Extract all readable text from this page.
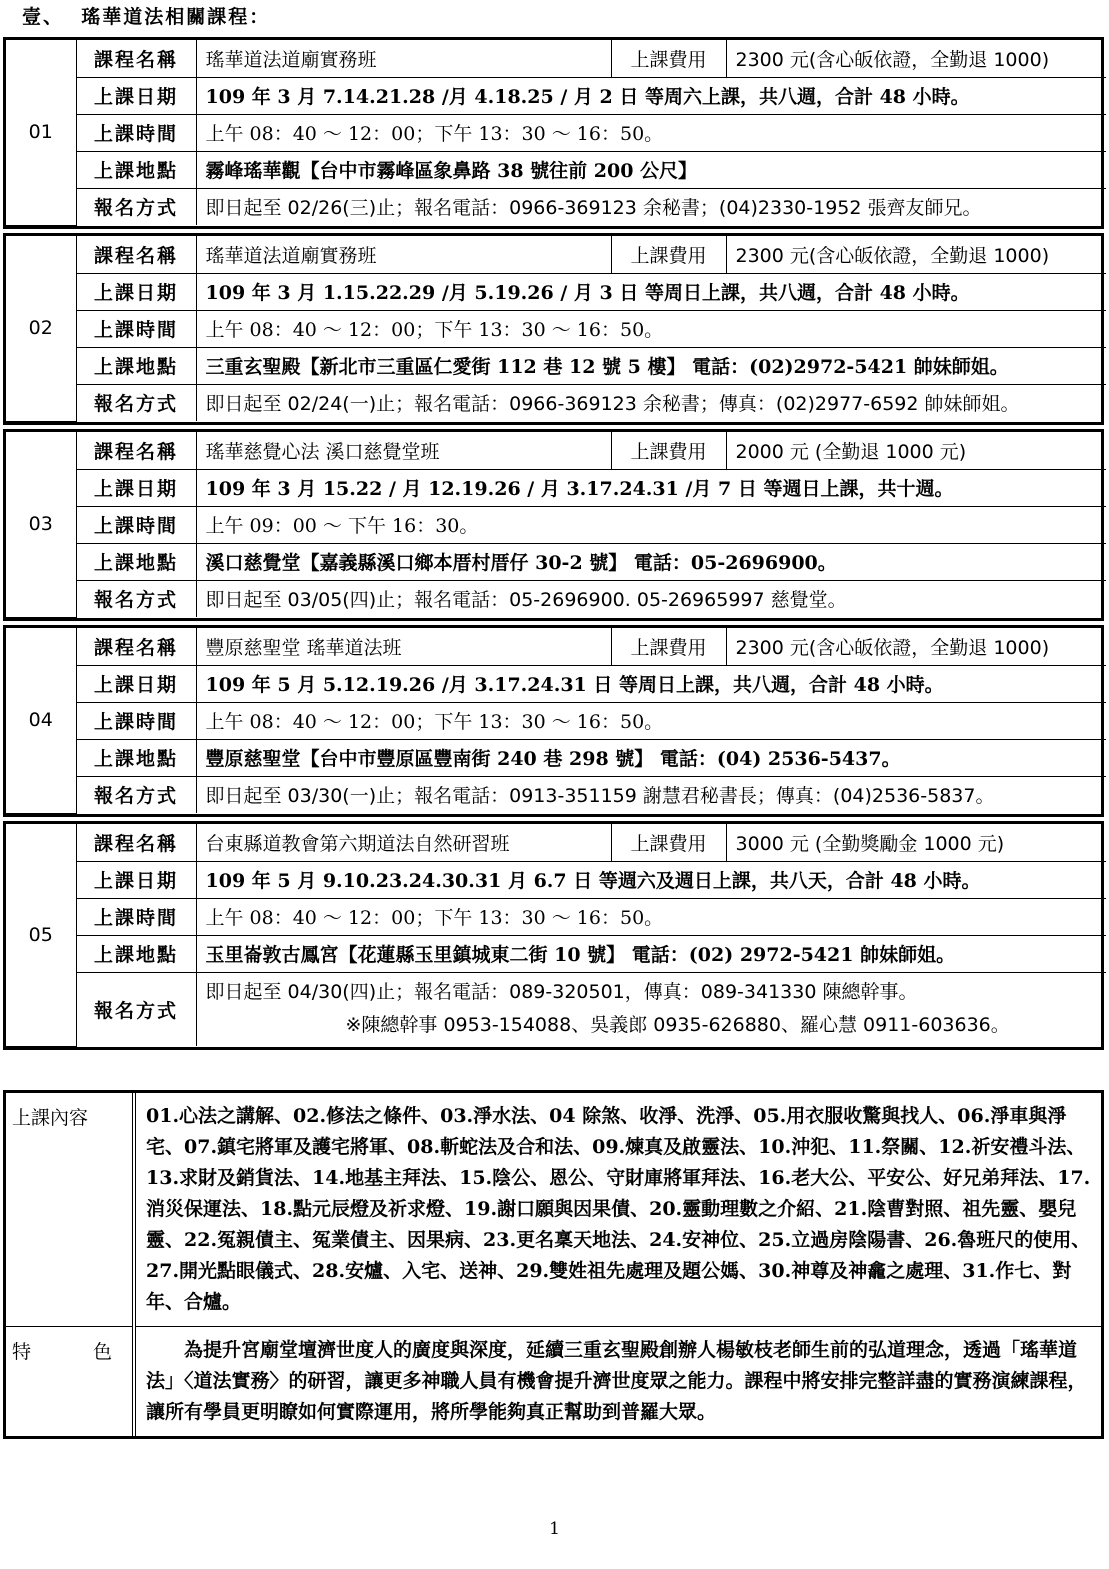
壹、  瑤華道法相關課程：
01	課程名稱	瑤華道法道廟實務班	上課費用	2300 元(含心皈依證，全勤退 1000)
	上課日期	109 年 3 月 7.14.21.28 /月 4.18.25 / 月 2 日 等周六上課，共八週，合計 48 小時。		
	上課時間	上午 08：40 ～ 12：00；下午 13：30 ～ 16：50。		
	上課地點	霧峰瑤華觀【台中市霧峰區象鼻路 38 號往前 200 公尺】		
	報名方式	即日起至 02/26(三)止；報名電話：0966-369123 余秘書；(04)2330-1952 張齊友師兄。		
02	課程名稱	瑤華道法道廟實務班	上課費用	2300 元(含心皈依證，全勤退 1000)
	上課日期	109 年 3 月 1.15.22.29 /月 5.19.26 / 月 3 日 等周日上課，共八週，合計 48 小時。		
	上課時間	上午 08：40 ～ 12：00；下午 13：30 ～ 16：50。		
	上課地點	三重玄聖殿【新北市三重區仁愛街 112 巷 12 號 5 樓】 電話：(02)2972-5421 帥妹師姐。		
	報名方式	即日起至 02/24(一)止；報名電話：0966-369123 余秘書；傳真：(02)2977-6592 帥妹師姐。		
03	課程名稱	瑤華慈覺心法 溪口慈覺堂班	上課費用	2000 元 (全勤退 1000 元)
	上課日期	109 年 3 月 15.22 / 月 12.19.26 / 月 3.17.24.31 /月 7 日 等週日上課，共十週。		
	上課時間	上午 09：00 ～ 下午 16：30。		
	上課地點	溪口慈覺堂【嘉義縣溪口鄉本厝村厝仔 30-2 號】 電話：05-2696900。		
	報名方式	即日起至 03/05(四)止；報名電話：05-2696900. 05-26965997 慈覺堂。		
04	課程名稱	豐原慈聖堂 瑤華道法班	上課費用	2300 元(含心皈依證，全勤退 1000)
	上課日期	109 年 5 月 5.12.19.26 /月 3.17.24.31 日 等周日上課，共八週，合計 48 小時。		
	上課時間	上午 08：40 ～ 12：00；下午 13：30 ～ 16：50。		
	上課地點	豐原慈聖堂【台中市豐原區豐南街 240 巷 298 號】 電話：(04) 2536-5437。		
	報名方式	即日起至 03/30(一)止；報名電話：0913-351159 謝慧君秘書長；傳真：(04)2536-5837。		
05	課程名稱	台東縣道教會第六期道法自然研習班	上課費用	3000 元 (全勤獎勵金 1000 元)
	上課日期	109 年 5 月 9.10.23.24.30.31 月 6.7 日 等週六及週日上課，共八天，合計 48 小時。		
	上課時間	上午 08：40 ～ 12：00；下午 13：30 ～ 16：50。		
	上課地點	玉里崙敦古鳳宮【花蓮縣玉里鎮城東二街 10 號】 電話：(02) 2972-5421 帥妹師姐。		
	報名方式	即日起至 04/30(四)止；報名電話：089-320501，傳真：089-341330 陳總幹事。
※陳總幹事 0953-154088、吳義郎 0935-626880、羅心慧 0911-603636。		
上課內容	01.心法之講解、02.修法之條件、03.淨水法、04 除煞、收淨、洗淨、05.用衣服收驚與找人、06.淨車與淨宅、07.鎮宅將軍及護宅將軍、08.斬蛇法及合和法、09.煉真及啟靈法、10.沖犯、11.祭關、12.祈安禮斗法、13.求財及銷貨法、14.地基主拜法、15.陰公、恩公、守財庫將軍拜法、16.老大公、平安公、好兄弟拜法、17.消災保運法、18.點元辰燈及祈求燈、19.謝口願與因果債、20.靈動理數之介紹、21.陰曹對照、祖先靈、嬰兒靈、22.冤親債主、冤業債主、因果病、23.更名稟天地法、24.安神位、25.立過房陰陽書、26.魯班尺的使用、27.開光點眼儀式、28.安爐、入宅、送神、29.雙姓祖先處理及題公媽、30.神尊及神龕之處理、31.作七、對年、合爐。

特 色	為提升宮廟堂壇濟世度人的廣度與深度，延續三重玄聖殿創辦人楊敏枝老師生前的弘道理念，透過「瑤華道法」〈道法實務〉的研習，讓更多神職人員有機會提升濟世度眾之能力。課程中將安排完整詳盡的實務演練課程，讓所有學員更明瞭如何實際運用，將所學能夠真正幫助到普羅大眾。
1
